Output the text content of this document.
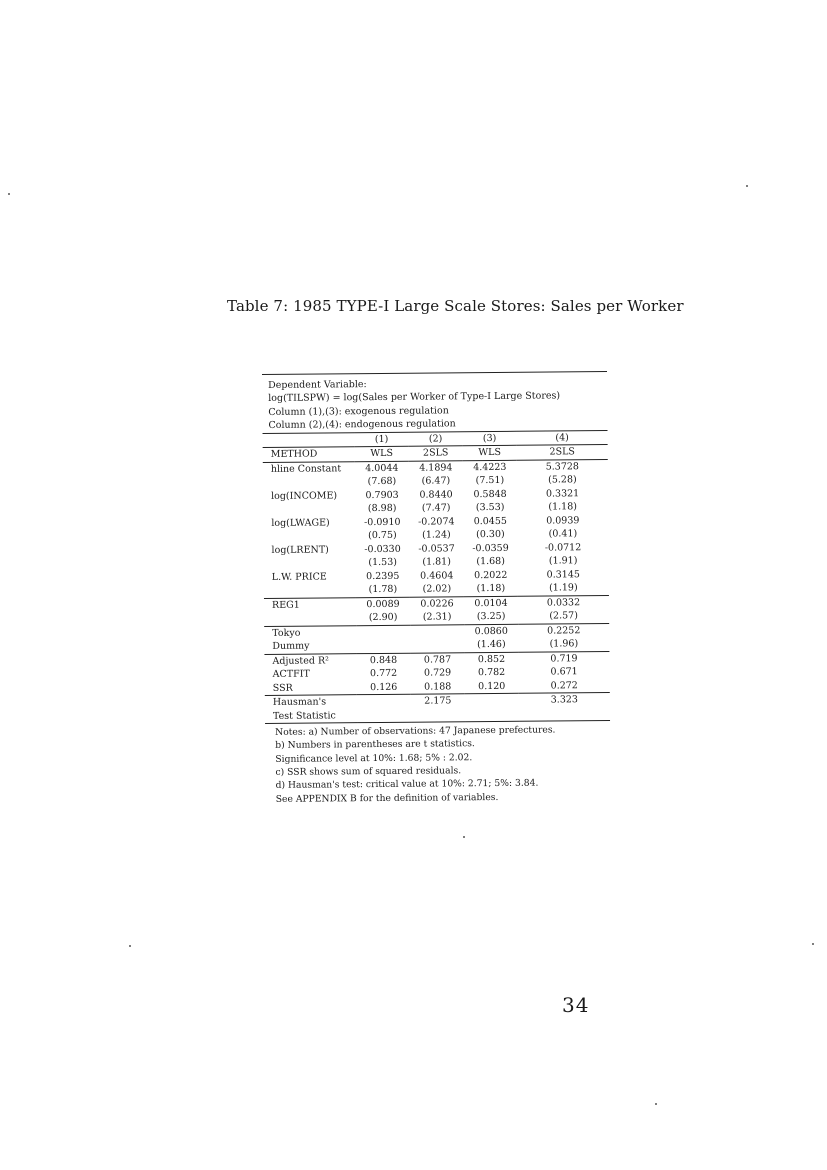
Table 7: 1985 TYPE-I Large Scale Stores: Sales per Worker
Dependent Variable:
log(TILSPW) = log(Sales per Worker of Type-I Large Stores)
Column (1),(3): exogenous regulation
Column (2),(4): endogenous regulation
	(1)	(2)	(3)	(4)
METHOD	WLS	2SLS	WLS	2SLS
hline Constant	4.0044	4.1894	4.4223	5.3728
	(7.68)	(6.47)	(7.51)	(5.28)
log(INCOME)	0.7903	0.8440	0.5848	0.3321
	(8.98)	(7.47)	(3.53)	(1.18)
log(LWAGE)	-0.0910	-0.2074	0.0455	0.0939
	(0.75)	(1.24)	(0.30)	(0.41)
log(LRENT)	-0.0330	-0.0537	-0.0359	-0.0712
	(1.53)	(1.81)	(1.68)	(1.91)
L.W. PRICE	0.2395	0.4604	0.2022	0.3145
	(1.78)	(2.02)	(1.18)	(1.19)
REG1	0.0089	0.0226	0.0104	0.0332
	(2.90)	(2.31)	(3.25)	(2.57)
Tokyo			0.0860	0.2252
Dummy			(1.46)	(1.96)
Adjusted R²	0.848	0.787	0.852	0.719
ACTFIT	0.772	0.729	0.782	0.671
SSR	0.126	0.188	0.120	0.272
Hausman's		2.175		3.323
Test Statistic				
Notes: a) Number of observations: 47 Japanese prefectures.
b) Numbers in parentheses are t statistics.
Significance level at 10%: 1.68; 5% : 2.02.
c) SSR shows sum of squared residuals.
d) Hausman's test: critical value at 10%: 2.71; 5%: 3.84.
See APPENDIX B for the definition of variables.
34
